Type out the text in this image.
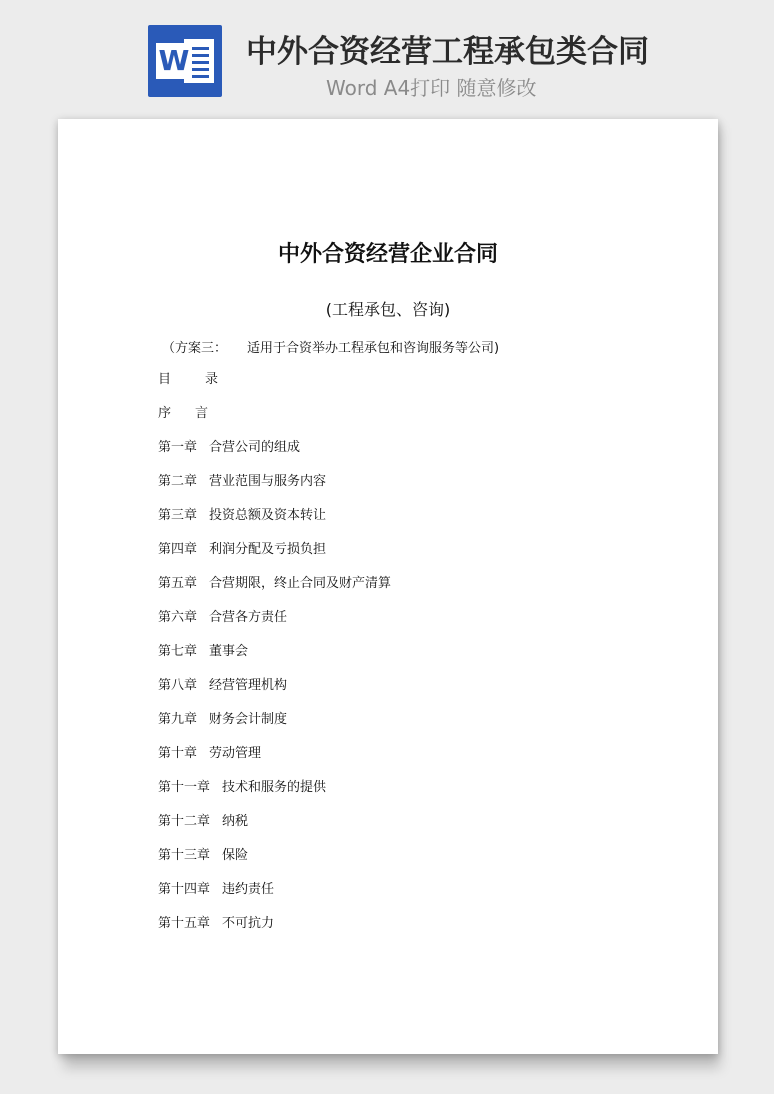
W 中外合资经营工程承包类合同
Word A4打印 随意修改

中外合资经营企业合同
(工程承包、咨询)
（方案三： 适用于合资举办工程承包和咨询服务等公司)
目	录
序 言
第一章 合营公司的组成
第二章 营业范围与服务内容
第三章 投资总额及资本转让
第四章 利润分配及亏损负担
第五章 合营期限，终止合同及财产清算
第六章 合营各方责任
第七章 董事会
第八章 经营管理机构
第九章 财务会计制度
第十章 劳动管理
第十一章 技术和服务的提供
第十二章 纳税
第十三章 保险
第十四章 违约责任
第十五章 不可抗力
